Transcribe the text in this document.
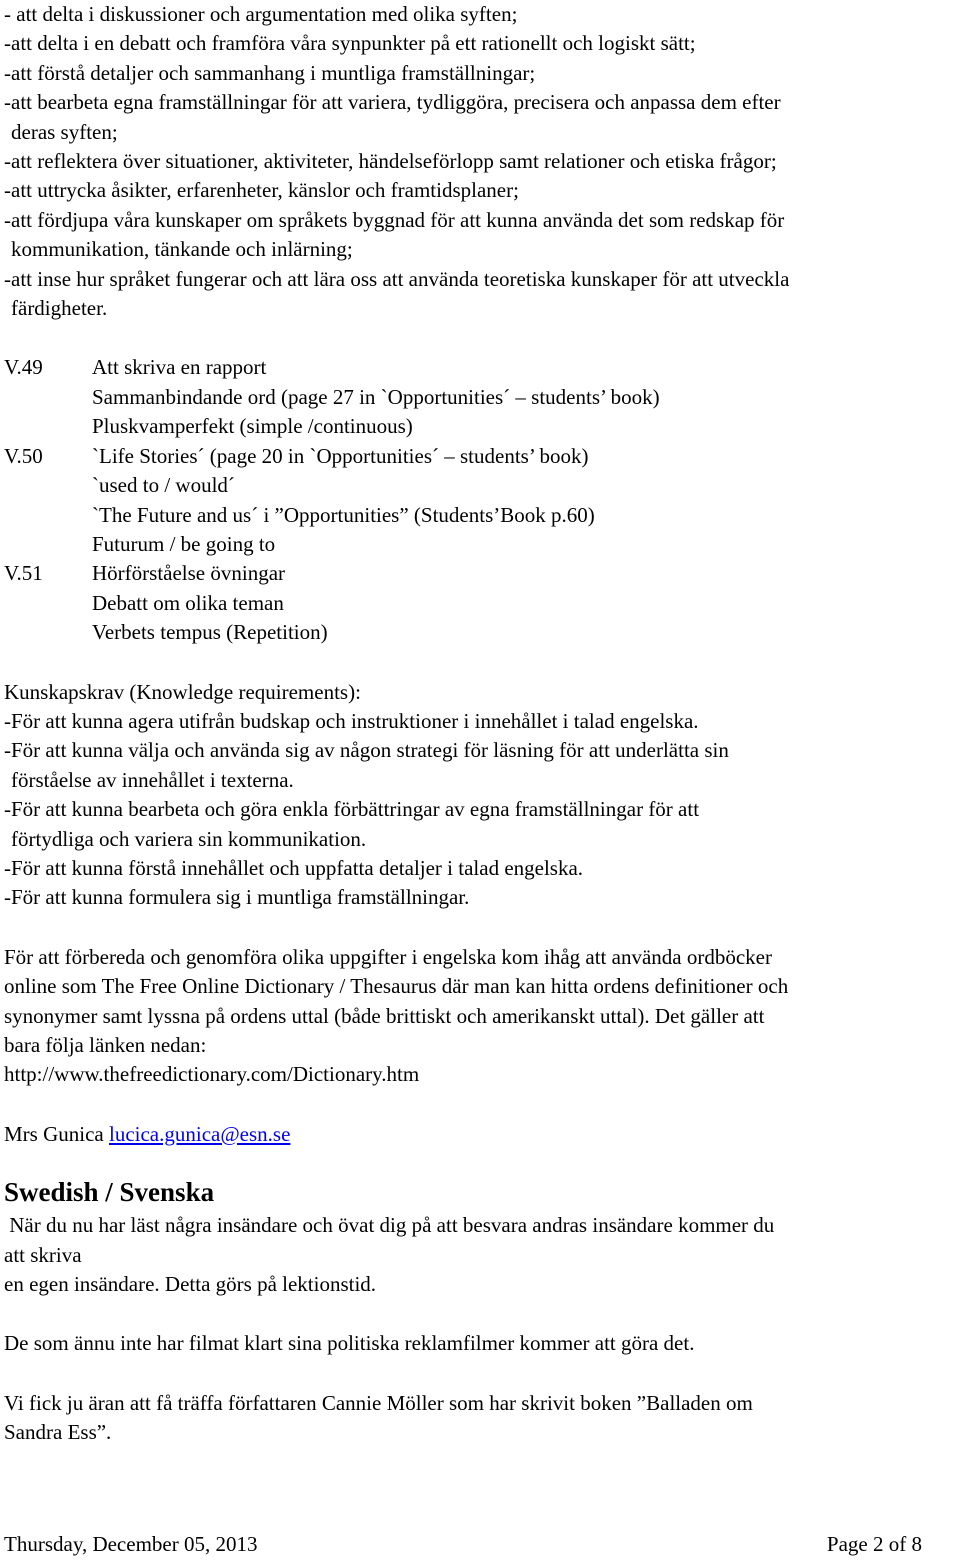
- att delta i diskussioner och argumentation med olika syften;
-att delta i en debatt och framföra våra synpunkter på ett rationellt och logiskt sätt;
-att förstå detaljer och sammanhang i muntliga framställningar;
-att bearbeta egna framställningar för att variera, tydliggöra, precisera och anpassa dem efter
deras syften;
-att reflektera över situationer, aktiviteter, händelseförlopp samt relationer och etiska frågor;
-att uttrycka åsikter, erfarenheter, känslor och framtidsplaner;
-att fördjupa våra kunskaper om språkets byggnad för att kunna använda det som redskap för
kommunikation, tänkande och inlärning;
-att inse hur språket fungerar och att lära oss att använda teoretiska kunskaper för att utveckla
färdigheter.
V.49	Att skriva en rapport
Sammanbindande ord (page 27 in `Opportunities´ – students’ book)
Pluskvamperfekt (simple /continuous)
V.50	`Life Stories´ (page 20 in `Opportunities´ – students’ book)
`used to / would´
`The Future and us´ i ”Opportunities” (Students’Book p.60)
Futurum / be going to
V.51	Hörförståelse övningar
Debatt om olika teman
Verbets tempus (Repetition)
Kunskapskrav (Knowledge requirements):
-För att kunna agera utifrån budskap och instruktioner i innehållet i talad engelska.
-För att kunna välja och använda sig av någon strategi för läsning för att underlätta sin
förståelse av innehållet i texterna.
-För att kunna bearbeta och göra enkla förbättringar av egna framställningar för att
förtydliga och variera sin kommunikation.
-För att kunna förstå innehållet och uppfatta detaljer i talad engelska.
-För att kunna formulera sig i muntliga framställningar.
För att förbereda och genomföra olika uppgifter i engelska kom ihåg att använda ordböcker
online som The Free Online Dictionary / Thesaurus där man kan hitta ordens definitioner och
synonymer samt lyssna på ordens uttal (både brittiskt och amerikanskt uttal). Det gäller att
bara följa länken nedan:
http://www.thefreedictionary.com/Dictionary.htm
Mrs Gunica lucica.gunica@esn.se
Swedish / Svenska
När du nu har läst några insändare och övat dig på att besvara andras insändare kommer du
att skriva
en egen insändare. Detta görs på lektionstid.
De som ännu inte har filmat klart sina politiska reklamfilmer kommer att göra det.
Vi fick ju äran att få träffa författaren Cannie Möller som har skrivit boken ”Balladen om
Sandra Ess”.
Thursday, December 05, 2013	Page 2 of 8
